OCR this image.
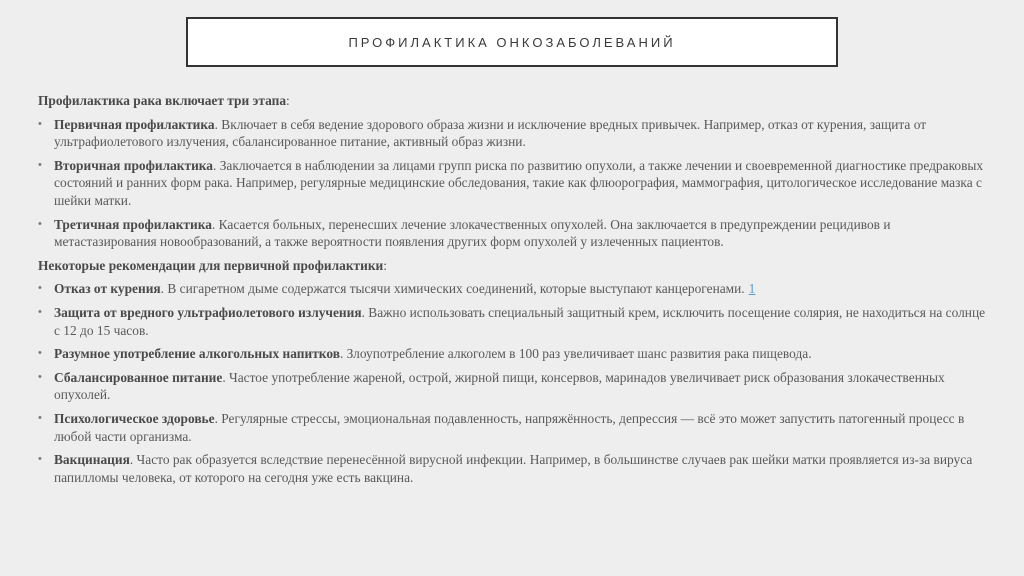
ПРОФИЛАКТИКА ОНКОЗАБОЛЕВАНИЙ

Профилактика рака включает три этапа:

• Первичная профилактика. Включает в себя ведение здорового образа жизни и исключение вредных привычек. Например, отказ от курения, защита от ультрафиолетового излучения, сбалансированное питание, активный образ жизни.
• Вторичная профилактика. Заключается в наблюдении за лицами групп риска по развитию опухоли, а также лечении и своевременной диагностике предраковых состояний и ранних форм рака. Например, регулярные медицинские обследования, такие как флюорография, маммография, цитологическое исследование мазка с шейки матки.
• Третичная профилактика. Касается больных, перенесших лечение злокачественных опухолей. Она заключается в предупреждении рецидивов и метастазирования новообразований, а также вероятности появления других форм опухолей у излеченных пациентов.

Некоторые рекомендации для первичной профилактики:

• Отказ от курения. В сигаретном дыме содержатся тысячи химических соединений, которые выступают канцерогенами. 1
• Защита от вредного ультрафиолетового излучения. Важно использовать специальный защитный крем, исключить посещение солярия, не находиться на солнце с 12 до 15 часов.
• Разумное употребление алкогольных напитков. Злоупотребление алкоголем в 100 раз увеличивает шанс развития рака пищевода.
• Сбалансированное питание. Частое употребление жареной, острой, жирной пищи, консервов, маринадов увеличивает риск образования злокачественных опухолей.
• Психологическое здоровье. Регулярные стрессы, эмоциональная подавленность, напряжённость, депрессия — всё это может запустить патогенный процесс в любой части организма.
• Вакцинация. Часто рак образуется вследствие перенесённой вирусной инфекции. Например, в большинстве случаев рак шейки матки проявляется из-за вируса папилломы человека, от которого на сегодня уже есть вакцина.
